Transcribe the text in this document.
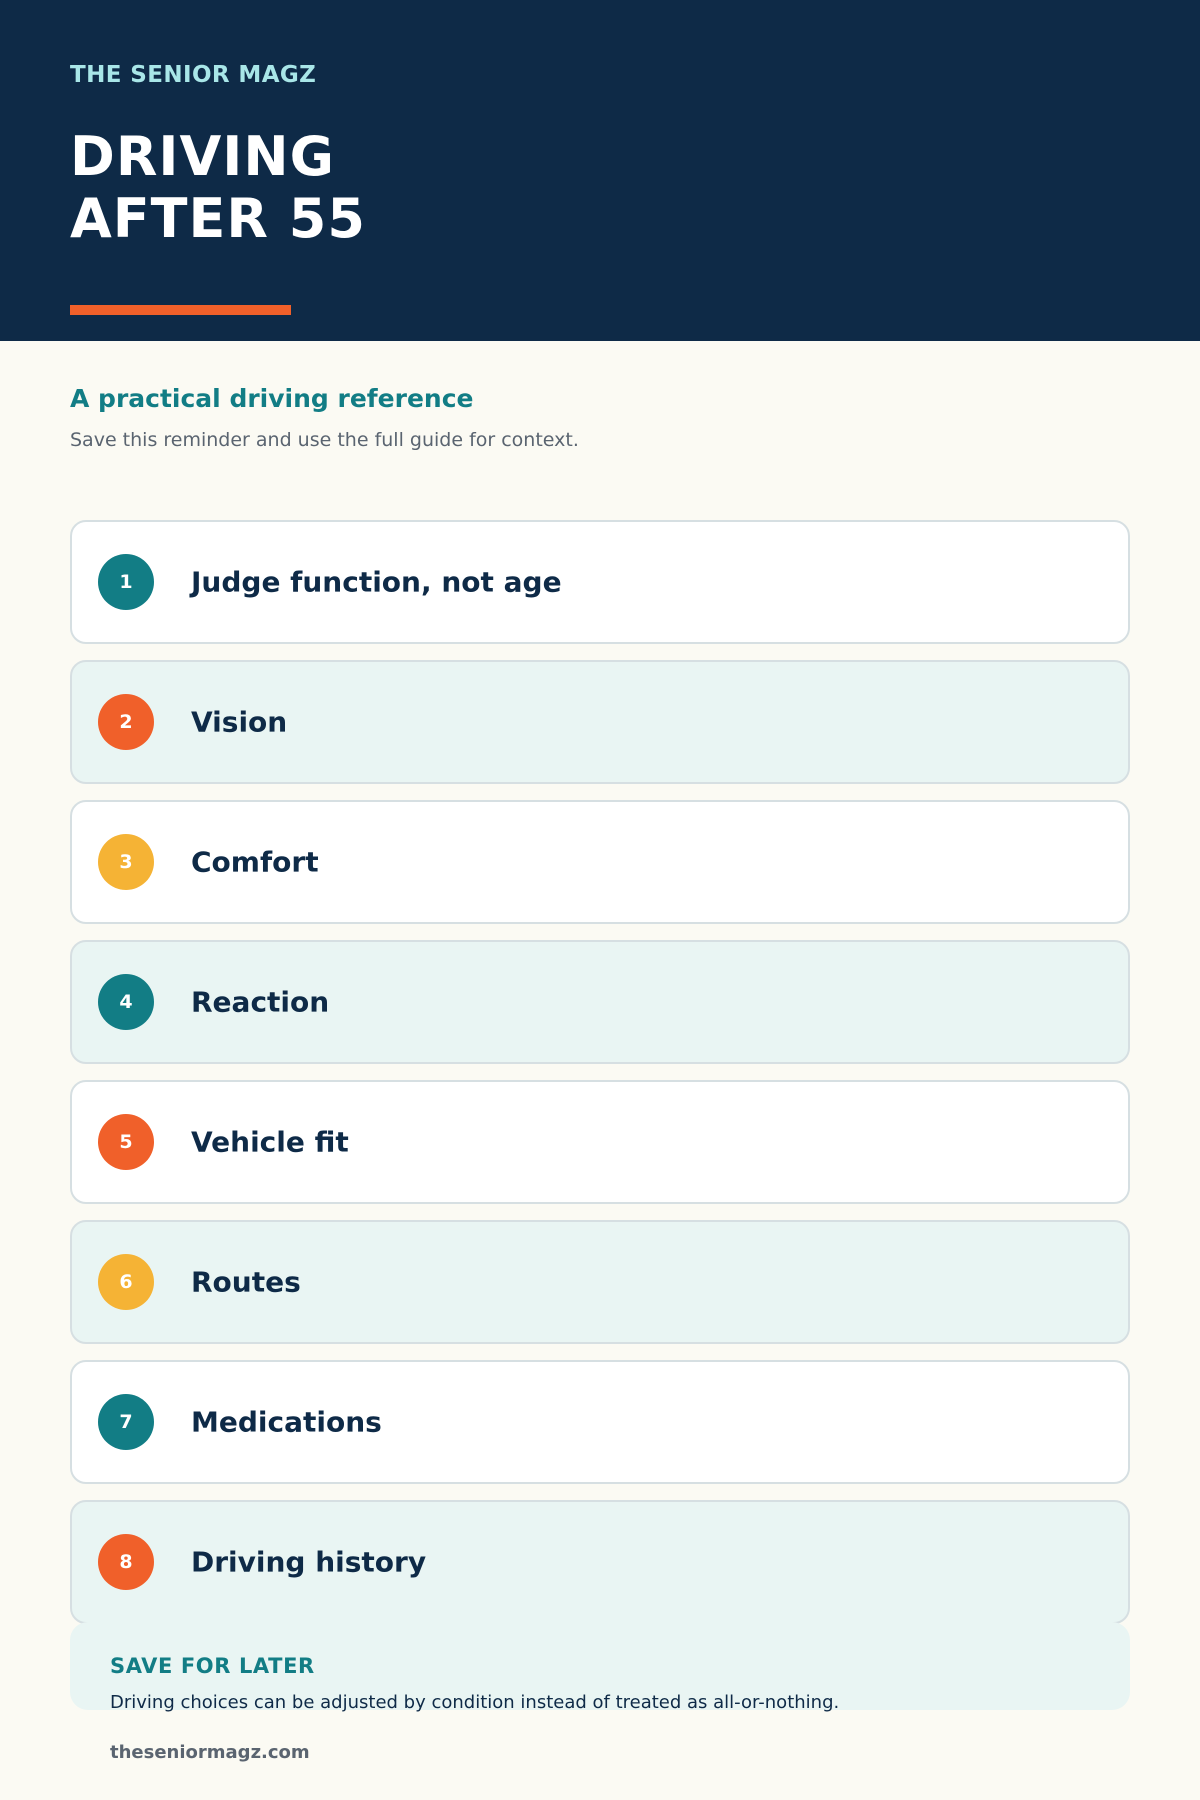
THE SENIOR MAGZ

DRIVING
AFTER 55
A practical driving reference

Save this reminder and use the full guide for context.

1	Judge function, not age
2	Vision
3	Comfort
4	Reaction
5	Vehicle fit
6	Routes
7	Medications
8	Driving history

SAVE FOR LATER

Driving choices can be adjusted by condition instead of treated as all-or-nothing.

theseniormagz.com
